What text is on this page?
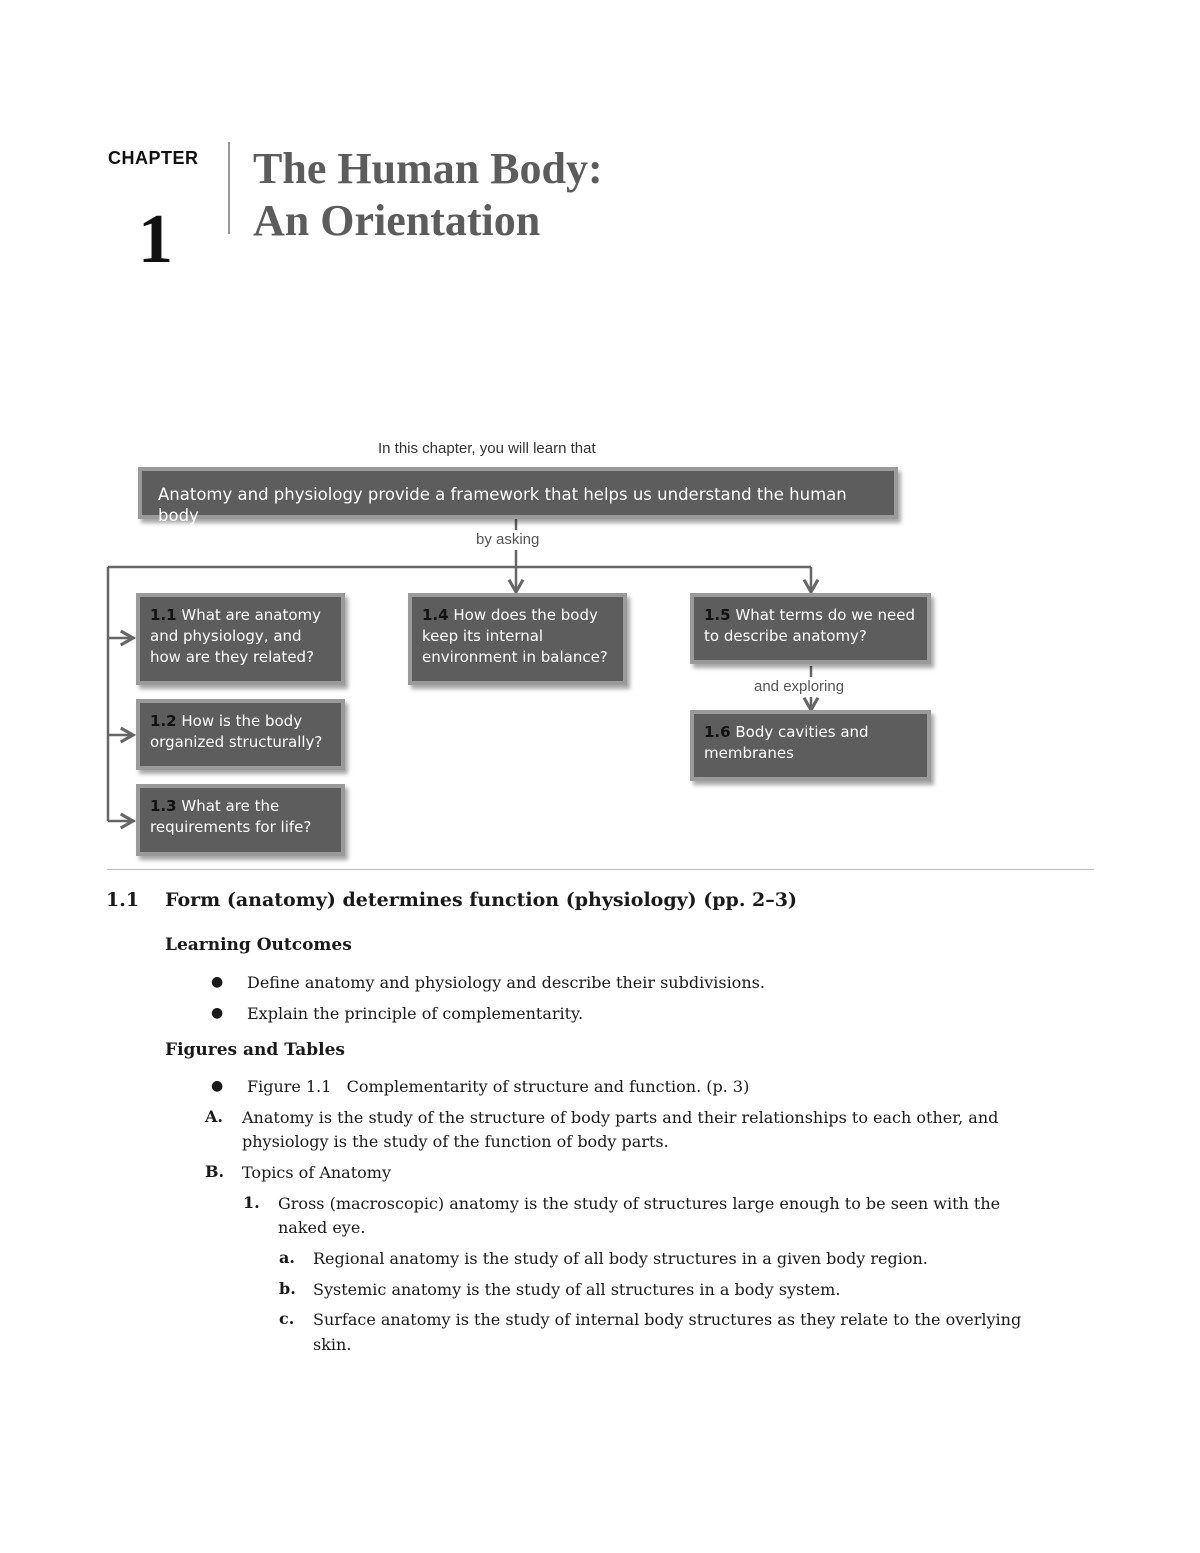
CHAPTER
1
The Human Body:
An Orientation
In this chapter, you will learn that
Anatomy and physiology provide a framework that helps us understand the human body
by asking
and exploring
1.1 What are anatomy
and physiology, and
how are they related?
1.2 How is the body
organized structurally?
1.3 What are the
requirements for life?
1.4 How does the body
keep its internal
environment in balance?
1.5 What terms do we need
to describe anatomy?
1.6 Body cavities and
membranes
1.1 Form (anatomy) determines function (physiology) (pp. 2–3)
Learning Outcomes
● Define anatomy and physiology and describe their subdivisions.
● Explain the principle of complementarity.
Figures and Tables
● Figure 1.1   Complementarity of structure and function. (p. 3)
A. Anatomy is the study of the structure of body parts and their relationships to each other, and
physiology is the study of the function of body parts.
B. Topics of Anatomy
1. Gross (macroscopic) anatomy is the study of structures large enough to be seen with the
naked eye.
a. Regional anatomy is the study of all body structures in a given body region.
b. Systemic anatomy is the study of all structures in a body system.
c. Surface anatomy is the study of internal body structures as they relate to the overlying
skin.
